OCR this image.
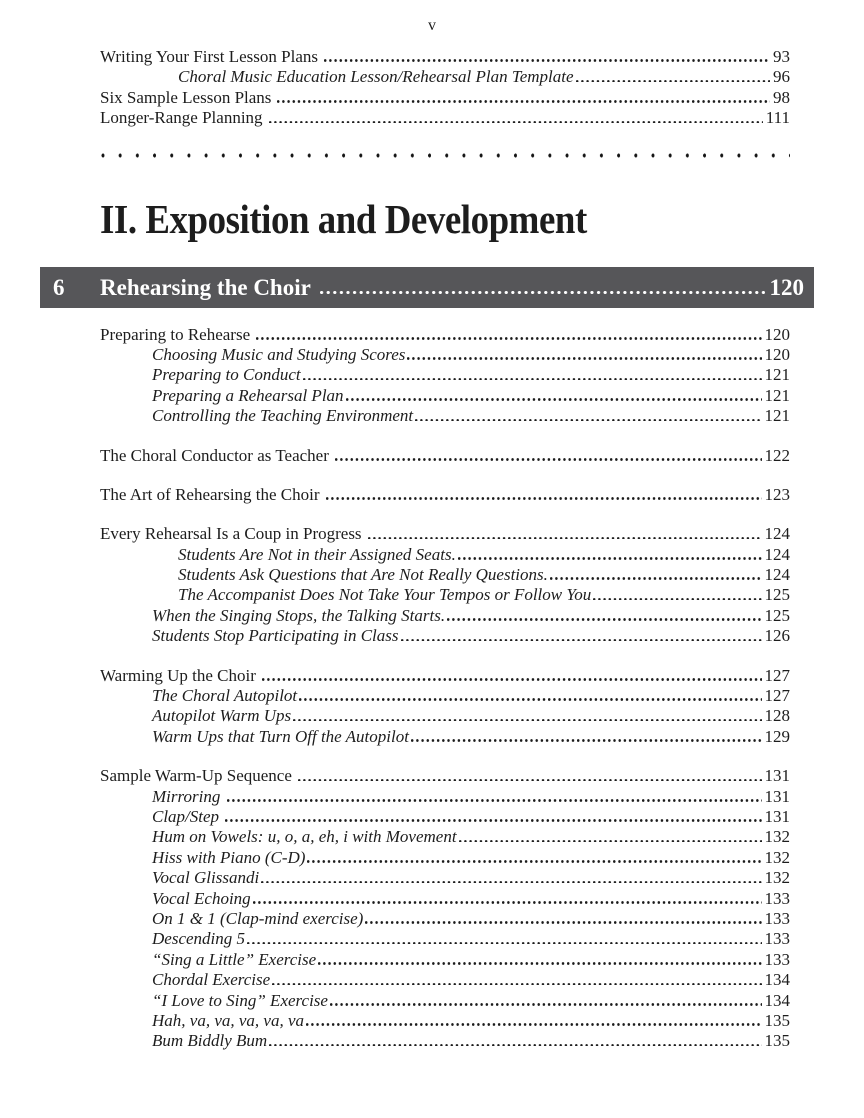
v
Writing Your First Lesson Plans	93
Choral Music Education Lesson/Rehearsal Plan Template	96
Six Sample Lesson Plans	98
Longer-Range Planning	111
II. Exposition and Development
6	Rehearsing the Choir	120
Preparing to Rehearse	120
Choosing Music and Studying Scores	120
Preparing to Conduct	121
Preparing a Rehearsal Plan	121
Controlling the Teaching Environment	121
The Choral Conductor as Teacher	122
The Art of Rehearsing the Choir	123
Every Rehearsal Is a Coup in Progress	124
Students Are Not in their Assigned Seats.	124
Students Ask Questions that Are Not Really Questions.	124
The Accompanist Does Not Take Your Tempos or Follow You	125
When the Singing Stops, the Talking Starts.	125
Students Stop Participating in Class	126
Warming Up the Choir	127
The Choral Autopilot	127
Autopilot Warm Ups	128
Warm Ups that Turn Off the Autopilot	129
Sample Warm-Up Sequence	131
Mirroring	131
Clap/Step	131
Hum on Vowels: u, o, a, eh, i with Movement	132
Hiss with Piano (C-D)	132
Vocal Glissandi	132
Vocal Echoing	133
On 1 & 1 (Clap-mind exercise)	133
Descending 5	133
“Sing a Little” Exercise	133
Chordal Exercise	134
“I Love to Sing” Exercise	134
Hah, va, va, va, va, va	135
Bum Biddly Bum	135
